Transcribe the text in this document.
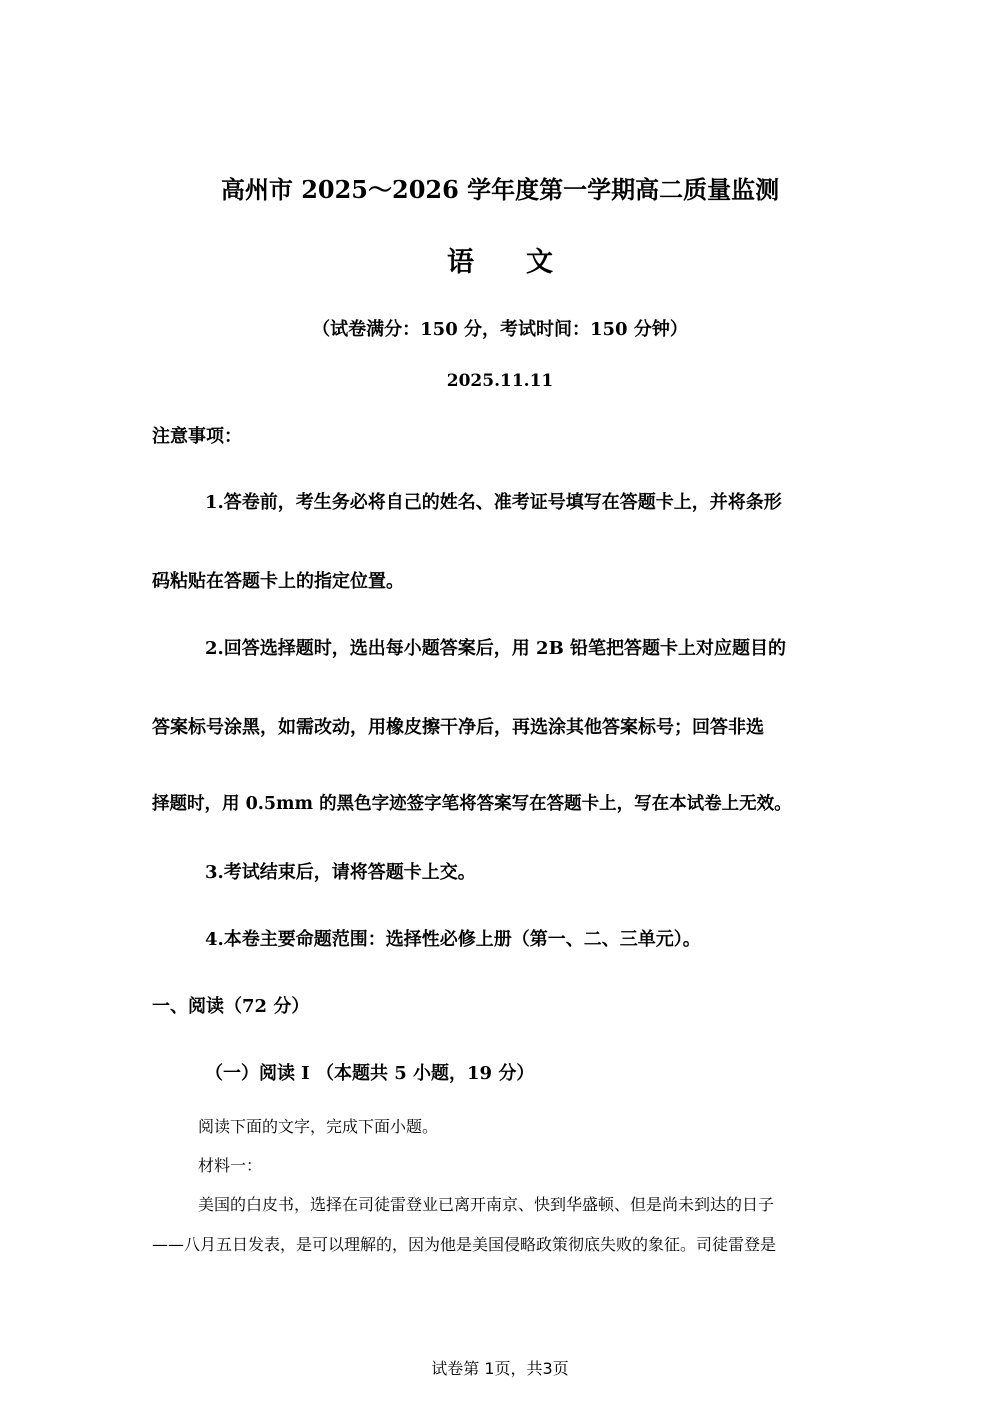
高州市 2025～2026 学年度第一学期高二质量监测
语 文
（试卷满分：150 分，考试时间：150 分钟）
2025.11.11
注意事项：
1.答卷前，考生务必将自己的姓名、准考证号填写在答题卡上，并将条形
码粘贴在答题卡上的指定位置。
2.回答选择题时，选出每小题答案后，用 2B 铅笔把答题卡上对应题目的
答案标号涂黑，如需改动，用橡皮擦干净后，再选涂其他答案标号；回答非选
择题时，用 0.5mm 的黑色字迹签字笔将答案写在答题卡上，写在本试卷上无效。
3.考试结束后，请将答题卡上交。
4.本卷主要命题范围：选择性必修上册（第一、二、三单元）。
一、阅读（72 分）
（一）阅读 I （本题共 5 小题，19 分）
阅读下面的文字，完成下面小题。
材料一：
美国的白皮书，选择在司徒雷登业已离开南京、快到华盛顿、但是尚未到达的日子
——八月五日发表，是可以理解的，因为他是美国侵略政策彻底失败的象征。司徒雷登是
试卷第 1页，共3页
